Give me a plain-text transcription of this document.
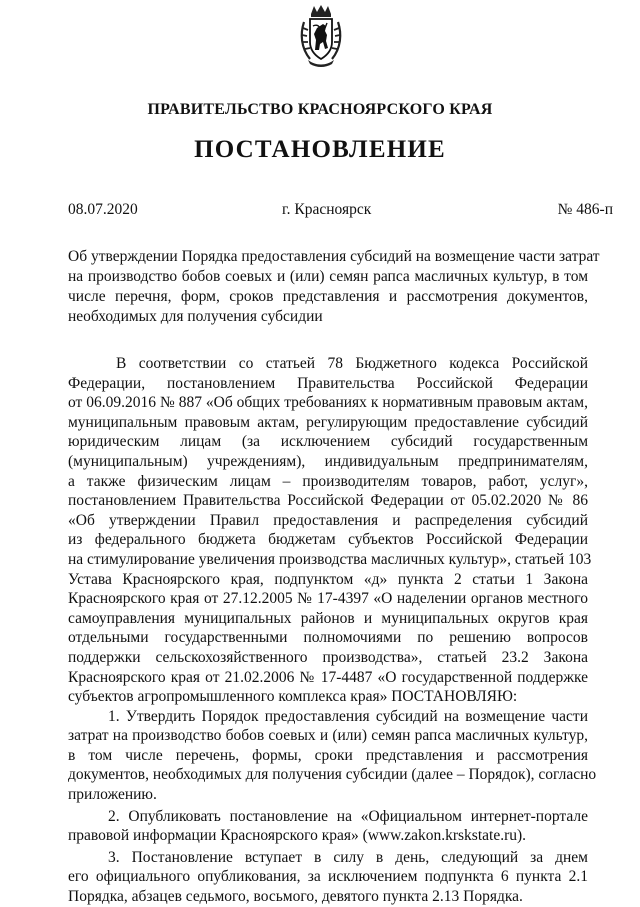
ПРАВИТЕЛЬСТВО КРАСНОЯРСКОГО КРАЯ
ПОСТАНОВЛЕНИЕ
08.07.2020	г. Красноярск	№ 486-п
Об утверждении Порядка предоставления субсидий на возмещение части затрат
на производство бобов соевых и (или) семян рапса масличных культур, в том
числе перечня, форм, сроков представления и рассмотрения документов,
необходимых для получения субсидии
В соответствии со статьей 78 Бюджетного кодекса Российской
Федерации, постановлением Правительства Российской Федерации
от 06.09.2016 № 887 «Об общих требованиях к нормативным правовым актам,
муниципальным правовым актам, регулирующим предоставление субсидий
юридическим лицам (за исключением субсидий государственным
(муниципальным) учреждениям), индивидуальным предпринимателям,
а также физическим лицам – производителям товаров, работ, услуг»,
постановлением Правительства Российской Федерации от 05.02.2020 № 86
«Об утверждении Правил предоставления и распределения субсидий
из федерального бюджета бюджетам субъектов Российской Федерации
на стимулирование увеличения производства масличных культур», статьей 103
Устава Красноярского края, подпунктом «д» пункта 2 статьи 1 Закона
Красноярского края от 27.12.2005 № 17-4397 «О наделении органов местного
самоуправления муниципальных районов и муниципальных округов края
отдельными государственными полномочиями по решению вопросов
поддержки сельскохозяйственного производства», статьей 23.2 Закона
Красноярского края от 21.02.2006 № 17-4487 «О государственной поддержке
субъектов агропромышленного комплекса края» ПОСТАНОВЛЯЮ:
1. Утвердить Порядок предоставления субсидий на возмещение части
затрат на производство бобов соевых и (или) семян рапса масличных культур,
в том числе перечень, формы, сроки представления и рассмотрения
документов, необходимых для получения субсидии (далее – Порядок), согласно
приложению.
2. Опубликовать постановление на «Официальном интернет-портале
правовой информации Красноярского края» (www.zakon.krskstate.ru).
3. Постановление вступает в силу в день, следующий за днем
его официального опубликования, за исключением подпункта 6 пункта 2.1
Порядка, абзацев седьмого, восьмого, девятого пункта 2.13 Порядка.
